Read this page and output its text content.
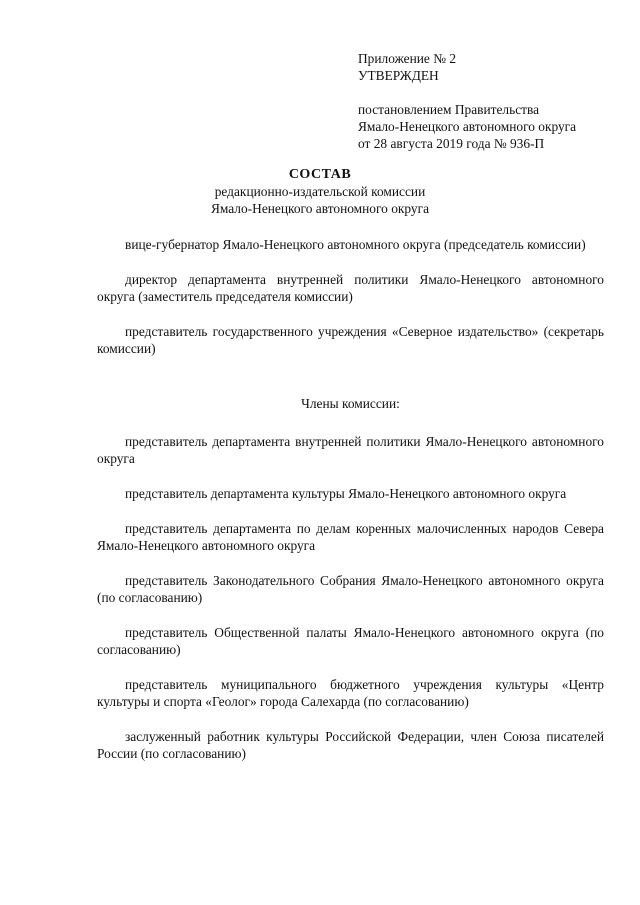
Приложение № 2
УТВЕРЖДЕН
постановлением Правительства
Ямало-Ненецкого автономного округа
от 28 августа 2019 года № 936-П
СОСТАВ
редакционно-издательской комиссии
Ямало-Ненецкого автономного округа

вице-губернатор Ямало-Ненецкого автономного округа (председатель комиссии)

директор департамента внутренней политики Ямало-Ненецкого автономного округа (заместитель председателя комиссии)

представитель государственного учреждения «Северное издательство» (секретарь комиссии)

Члены комиссии:

представитель департамента внутренней политики Ямало-Ненецкого автономного округа

представитель департамента культуры Ямало-Ненецкого автономного округа

представитель департамента по делам коренных малочисленных народов Севера Ямало-Ненецкого автономного округа

представитель Законодательного Собрания Ямало-Ненецкого автономного округа (по согласованию)

представитель Общественной палаты Ямало-Ненецкого автономного округа (по согласованию)

представитель муниципального бюджетного учреждения культуры «Центр культуры и спорта «Геолог» города Салехарда (по согласованию)

заслуженный работник культуры Российской Федерации, член Союза писателей России (по согласованию)
